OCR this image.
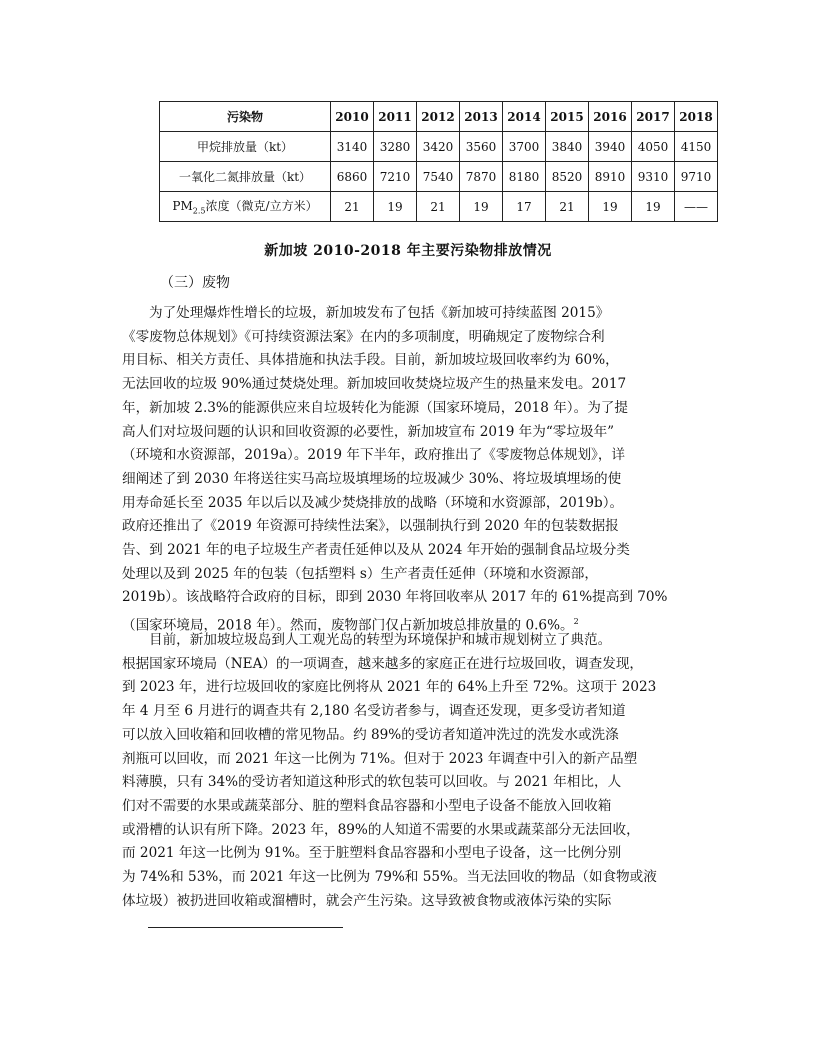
污染物	2010	2011	2012	2013	2014	2015	2016	2017	2018
甲烷排放量（kt）	3140	3280	3420	3560	3700	3840	3940	4050	4150
一氧化二氮排放量（kt）	6860	7210	7540	7870	8180	8520	8910	9310	9710
$PM_{2.5}$浓度（微克/立方米）	21	19	21	19	17	21	19	19	——
新加坡 2010-2018 年主要污染物排放情况
（三）废物

为了处理爆炸性增长的垃圾，新加坡发布了包括《新加坡可持续蓝图 2015》
《零废物总体规划》《可持续资源法案》在内的多项制度，明确规定了废物综合利
用目标、相关方责任、具体措施和执法手段。目前，新加坡垃圾回收率约为 60%，
无法回收的垃圾 90%通过焚烧处理。新加坡回收焚烧垃圾产生的热量来发电。2017
年，新加坡 2.3%的能源供应来自垃圾转化为能源（国家环境局，2018 年）。为了提
高人们对垃圾问题的认识和回收资源的必要性，新加坡宣布 2019 年为“零垃圾年”
（环境和水资源部，2019a）。2019 年下半年，政府推出了《零废物总体规划》，详
细阐述了到 2030 年将送往实马高垃圾填埋场的垃圾减少 30%、将垃圾填埋场的使
用寿命延长至 2035 年以后以及减少焚烧排放的战略（环境和水资源部，2019b）。
政府还推出了《2019 年资源可持续性法案》，以强制执行到 2020 年的包装数据报
告、到 2021 年的电子垃圾生产者责任延伸以及从 2024 年开始的强制食品垃圾分类
处理以及到 2025 年的包装（包括塑料 s）生产者责任延伸（环境和水资源部，
2019b）。该战略符合政府的目标，即到 2030 年将回收率从 2017 年的 61%提高到 70%
（国家环境局，2018 年）。然而，废物部门仅占新加坡总排放量的 0.6%。$^2$

目前，新加坡垃圾岛到人工观光岛的转型为环境保护和城市规划树立了典范。
根据国家环境局（NEA）的一项调查，越来越多的家庭正在进行垃圾回收，调查发现，
到 2023 年，进行垃圾回收的家庭比例将从 2021 年的 64%上升至 72%。这项于 2023
年 4 月至 6 月进行的调查共有 2,180 名受访者参与，调查还发现，更多受访者知道
可以放入回收箱和回收槽的常见物品。约 89%的受访者知道冲洗过的洗发水或洗涤
剂瓶可以回收，而 2021 年这一比例为 71%。但对于 2023 年调查中引入的新产品塑
料薄膜，只有 34%的受访者知道这种形式的软包装可以回收。与 2021 年相比，人
们对不需要的水果或蔬菜部分、脏的塑料食品容器和小型电子设备不能放入回收箱
或滑槽的认识有所下降。2023 年，89%的人知道不需要的水果或蔬菜部分无法回收，
而 2021 年这一比例为 91%。至于脏塑料食品容器和小型电子设备，这一比例分别
为 74%和 53%，而 2021 年这一比例为 79%和 55%。当无法回收的物品（如食物或液
体垃圾）被扔进回收箱或溜槽时，就会产生污染。这导致被食物或液体污染的实际
